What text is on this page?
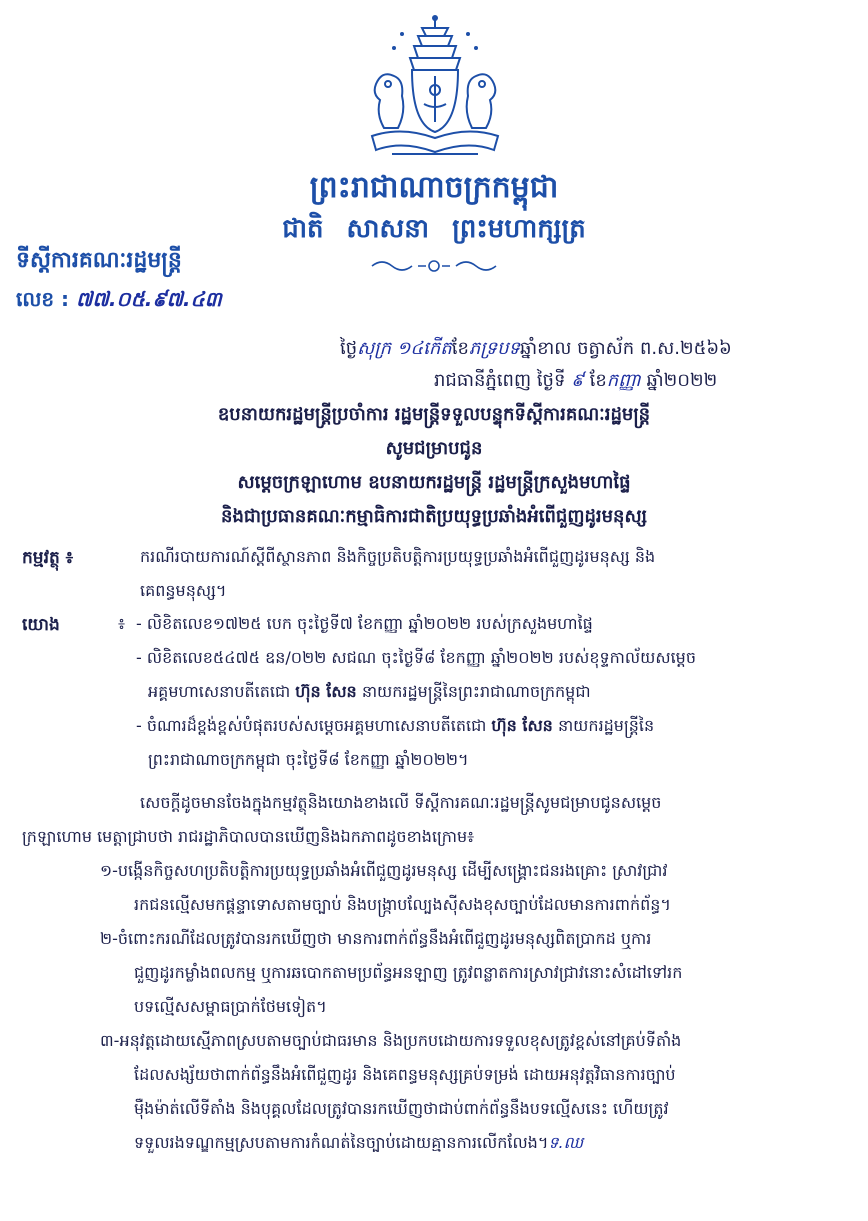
ព្រះរាជាណាចក្រកម្ពុជា
ជាតិ សាសនា ព្រះមហាក្សត្រ
ទីស្តីការគណៈរដ្ឋមន្ត្រី
លេខ : ៧៧.០៥.៩៧.៤៣
ថ្ងៃសុក្រ ១៤កើតខែភទ្របទឆ្នាំខាល ចត្វាស័ក ព.ស.២៥៦៦
រាជធានីភ្នំពេញ ថ្ងៃទី ៩ ខែកញ្ញា ឆ្នាំ២០២២
ឧបនាយករដ្ឋមន្ត្រីប្រចាំការ រដ្ឋមន្ត្រីទទួលបន្ទុកទីស្តីការគណៈរដ្ឋមន្ត្រី
សូមជម្រាបជូន
សម្តេចក្រឡាហោម ឧបនាយករដ្ឋមន្ត្រី រដ្ឋមន្ត្រីក្រសួងមហាផ្ទៃ
និងជាប្រធានគណៈកម្មាធិការជាតិប្រយុទ្ធប្រឆាំងអំពើជួញដូរមនុស្ស
កម្មវត្ថុ ៖	ករណីរបាយការណ៍ស្តីពីស្ថានភាព និងកិច្ចប្រតិបត្តិការប្រយុទ្ធប្រឆាំងអំពើជួញដូរមនុស្ស និង
គេពន្ធមនុស្ស។
យោង	៖ - លិខិតលេខ១៧២៥ បេក ចុះថ្ងៃទី៧ ខែកញ្ញា ឆ្នាំ២០២២ របស់ក្រសួងមហាផ្ទៃ
- លិខិតលេខ៥៤៧៥ ឧន/០២២ សជណ ចុះថ្ងៃទី៨ ខែកញ្ញា ឆ្នាំ២០២២ របស់ខុទ្ទកាល័យសម្តេច
អគ្គមហាសេនាបតីតេជោ ហ៊ុន សែន នាយករដ្ឋមន្ត្រីនៃព្រះរាជាណាចក្រកម្ពុជា
- ចំណារដ៏ខ្ពង់ខ្ពស់បំផុតរបស់សម្តេចអគ្គមហាសេនាបតីតេជោ ហ៊ុន សែន នាយករដ្ឋមន្ត្រីនៃ
ព្រះរាជាណាចក្រកម្ពុជា ចុះថ្ងៃទី៨ ខែកញ្ញា ឆ្នាំ២០២២។
សេចក្តីដូចមានចែងក្នុងកម្មវត្ថុនិងយោងខាងលើ ទីស្តីការគណៈរដ្ឋមន្ត្រីសូមជម្រាបជូនសម្តេច
ក្រឡាហោម មេត្តាជ្រាបថា រាជរដ្ឋាភិបាលបានឃើញនិងឯកភាពដូចខាងក្រោម៖
១-បង្កើនកិច្ចសហប្រតិបត្តិការប្រយុទ្ធប្រឆាំងអំពើជួញដូរមនុស្ស ដើម្បីសង្គ្រោះជនរងគ្រោះ ស្រាវជ្រាវ
រកជនល្មើសមកផ្តន្ទាទោសតាមច្បាប់ និងបង្ក្រាបល្បែងស៊ីសងខុសច្បាប់ដែលមានការពាក់ព័ន្ធ។
២-ចំពោះករណីដែលត្រូវបានរកឃើញថា មានការពាក់ព័ន្ធនឹងអំពើជួញដូរមនុស្សពិតប្រាកដ ឬការ
ជួញដូរកម្លាំងពលកម្ម ឬការឆបោកតាមប្រព័ន្ធអនឡាញ ត្រូវពន្លាតការស្រាវជ្រាវនោះសំដៅទៅរក
បទល្មើសសម្ពាធប្រាក់ថែមទៀត។
៣-អនុវត្តដោយស្មើភាពស្របតាមច្បាប់ជាធរមាន និងប្រកបដោយការទទួលខុសត្រូវខ្ពស់នៅគ្រប់ទីតាំង
ដែលសង្ស័យថាពាក់ព័ន្ធនឹងអំពើជួញដូរ និងគេពន្ធមនុស្សគ្រប់ទម្រង់ ដោយអនុវត្តវិធានការច្បាប់
ម៉ឺងម៉ាត់លើទីតាំង និងបុគ្គលដែលត្រូវបានរកឃើញថាជាប់ពាក់ព័ន្ធនឹងបទល្មើសនេះ ហើយត្រូវ
ទទួលរងទណ្ឌកម្មស្របតាមការកំណត់នៃច្បាប់ដោយគ្មានការលើកលែង។ទ.ឈ
